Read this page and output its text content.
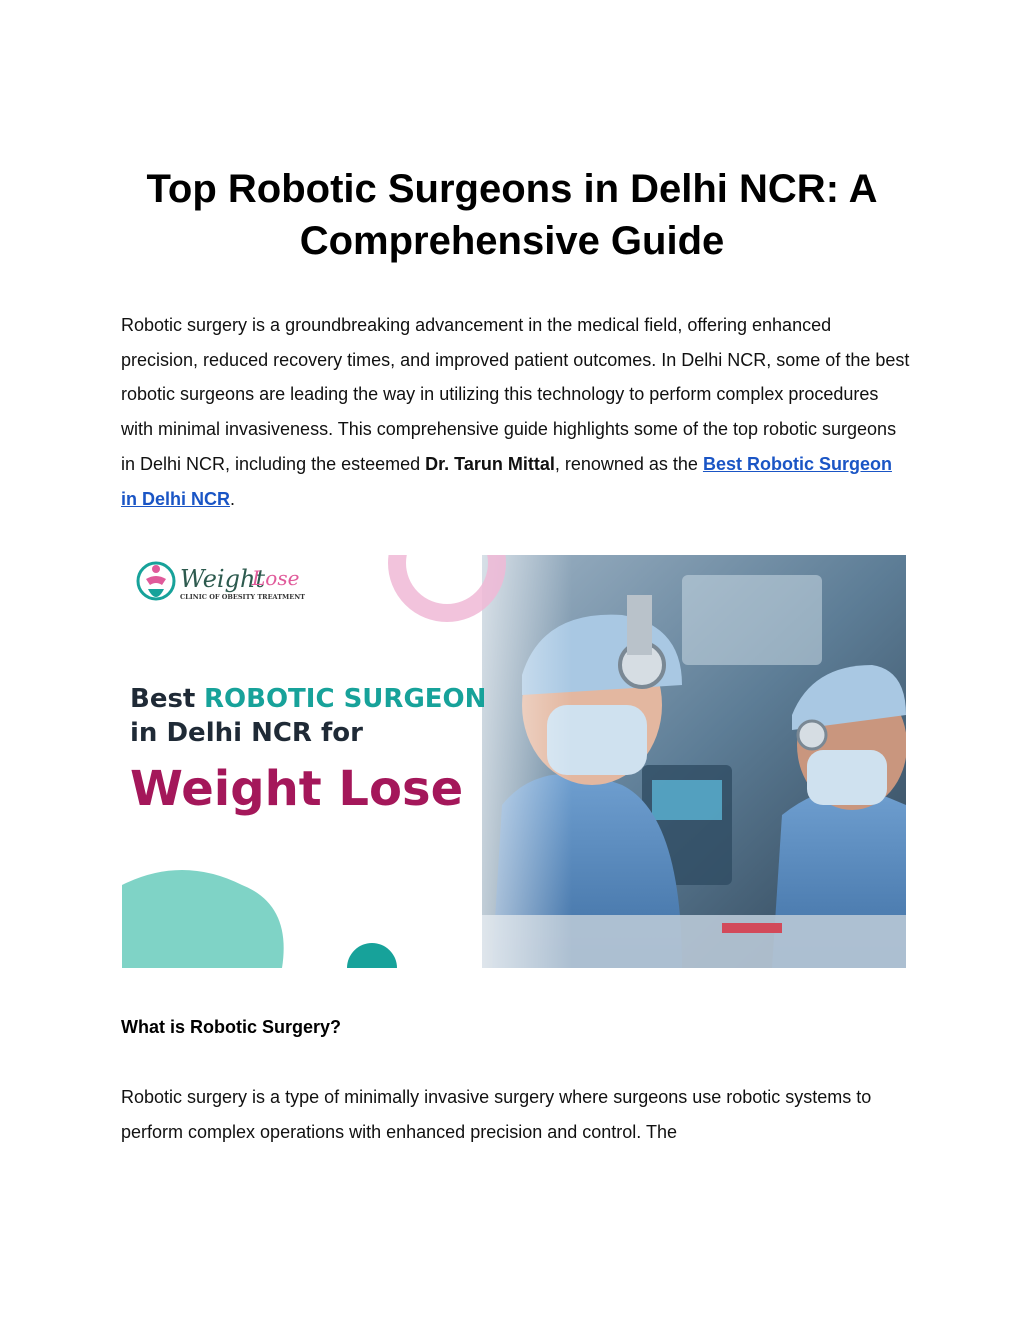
Top Robotic Surgeons in Delhi NCR: A
Comprehensive Guide

Robotic surgery is a groundbreaking advancement in the medical field, offering enhanced precision, reduced recovery times, and improved patient outcomes. In Delhi NCR, some of the best robotic surgeons are leading the way in utilizing this technology to perform complex procedures with minimal invasiveness. This comprehensive guide highlights some of the top robotic surgeons in Delhi NCR, including the esteemed Dr. Tarun Mittal, renowned as the Best Robotic Surgeon in Delhi NCR.

Weight
Lose
CLINIC OF OBESITY TREATMENT
Best ROBOTIC SURGEON
in Delhi NCR for
Weight Lose
What is Robotic Surgery?

Robotic surgery is a type of minimally invasive surgery where surgeons use robotic systems to perform complex operations with enhanced precision and control. The
